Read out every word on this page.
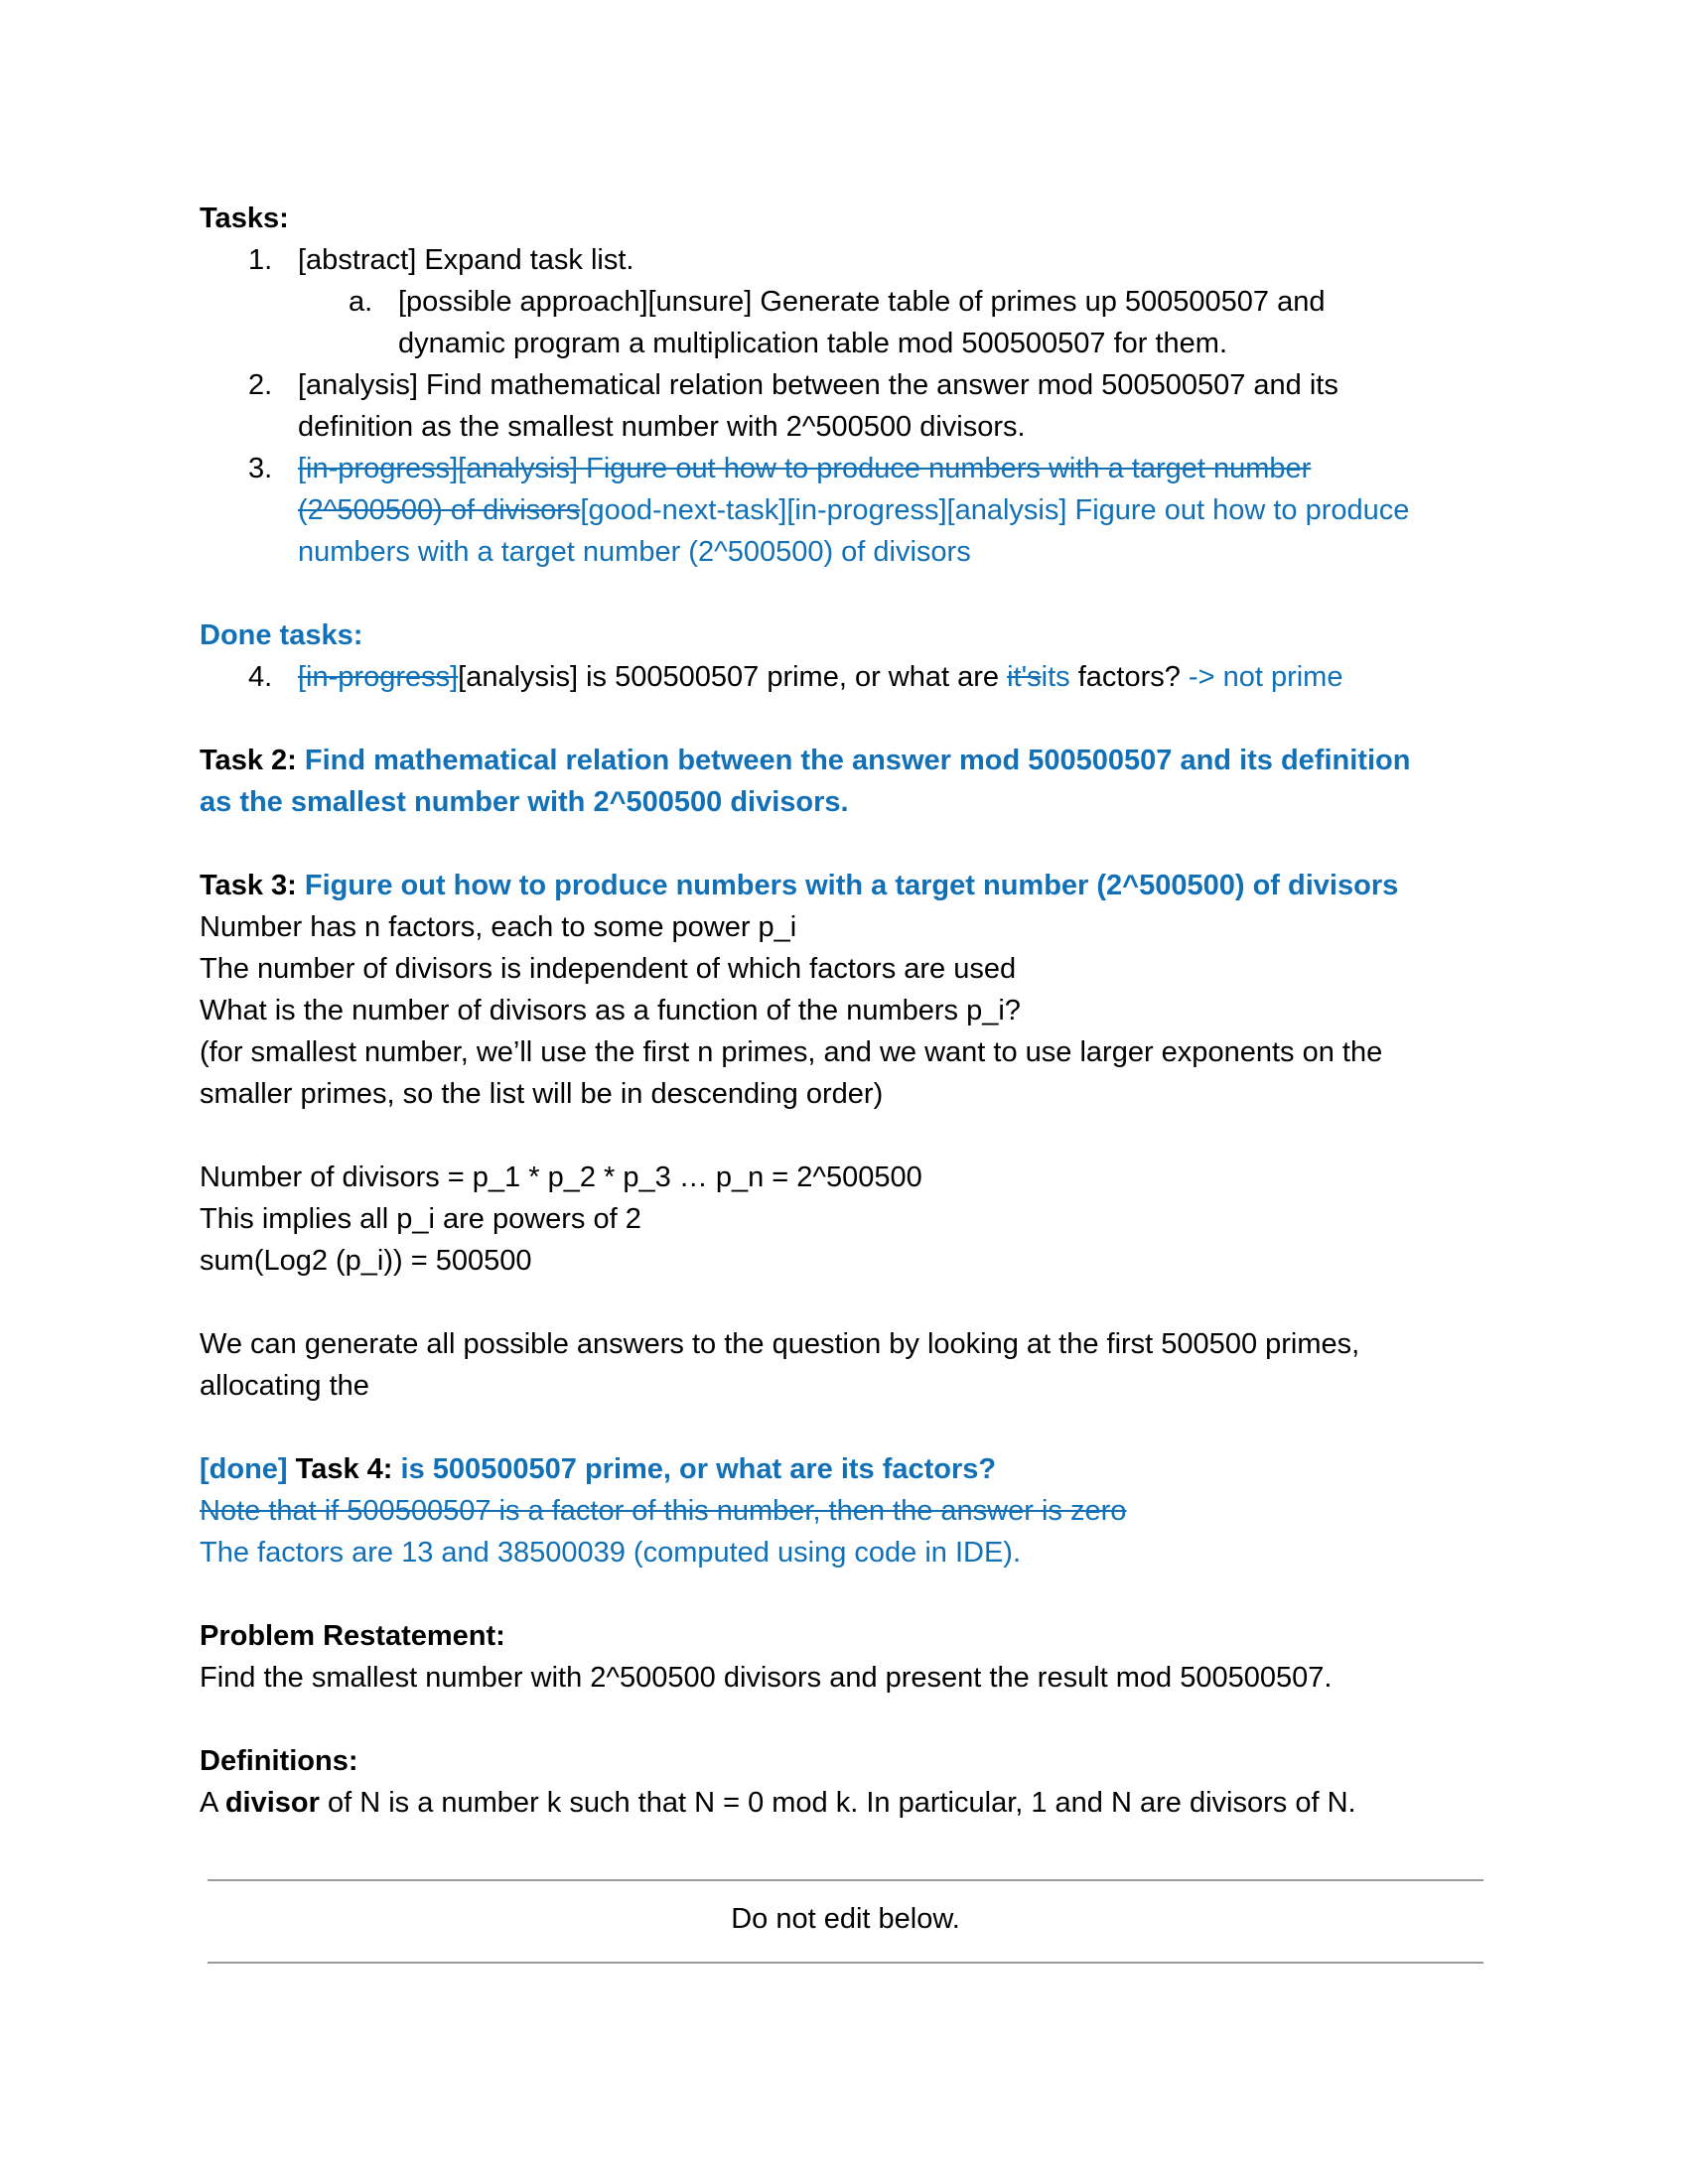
Tasks:
1. [abstract] Expand task list.
a. [possible approach][unsure] Generate table of primes up 500500507 and
dynamic program a multiplication table mod 500500507 for them.
2. [analysis] Find mathematical relation between the answer mod 500500507 and its
definition as the smallest number with 2^500500 divisors.
3. [in-progress][analysis] Figure out how to produce numbers with a target number
(2^500500) of divisors[good-next-task][in-progress][analysis] Figure out how to produce
numbers with a target number (2^500500) of divisors
Done tasks:
4. [in-progress][analysis] is 500500507 prime, or what are it'sits factors? -> not prime
Task 2: Find mathematical relation between the answer mod 500500507 and its definition
as the smallest number with 2^500500 divisors.
Task 3: Figure out how to produce numbers with a target number (2^500500) of divisors
Number has n factors, each to some power p_i
The number of divisors is independent of which factors are used
What is the number of divisors as a function of the numbers p_i?
(for smallest number, we’ll use the first n primes, and we want to use larger exponents on the
smaller primes, so the list will be in descending order)
Number of divisors = p_1 * p_2 * p_3 … p_n = 2^500500
This implies all p_i are powers of 2
sum(Log2 (p_i)) = 500500
We can generate all possible answers to the question by looking at the first 500500 primes,
allocating the
[done] Task 4: is 500500507 prime, or what are its factors?
Note that if 500500507 is a factor of this number, then the answer is zero
The factors are 13 and 38500039 (computed using code in IDE).
Problem Restatement:
Find the smallest number with 2^500500 divisors and present the result mod 500500507.
Definitions:
A divisor of N is a number k such that N = 0 mod k. In particular, 1 and N are divisors of N.
Do not edit below.
